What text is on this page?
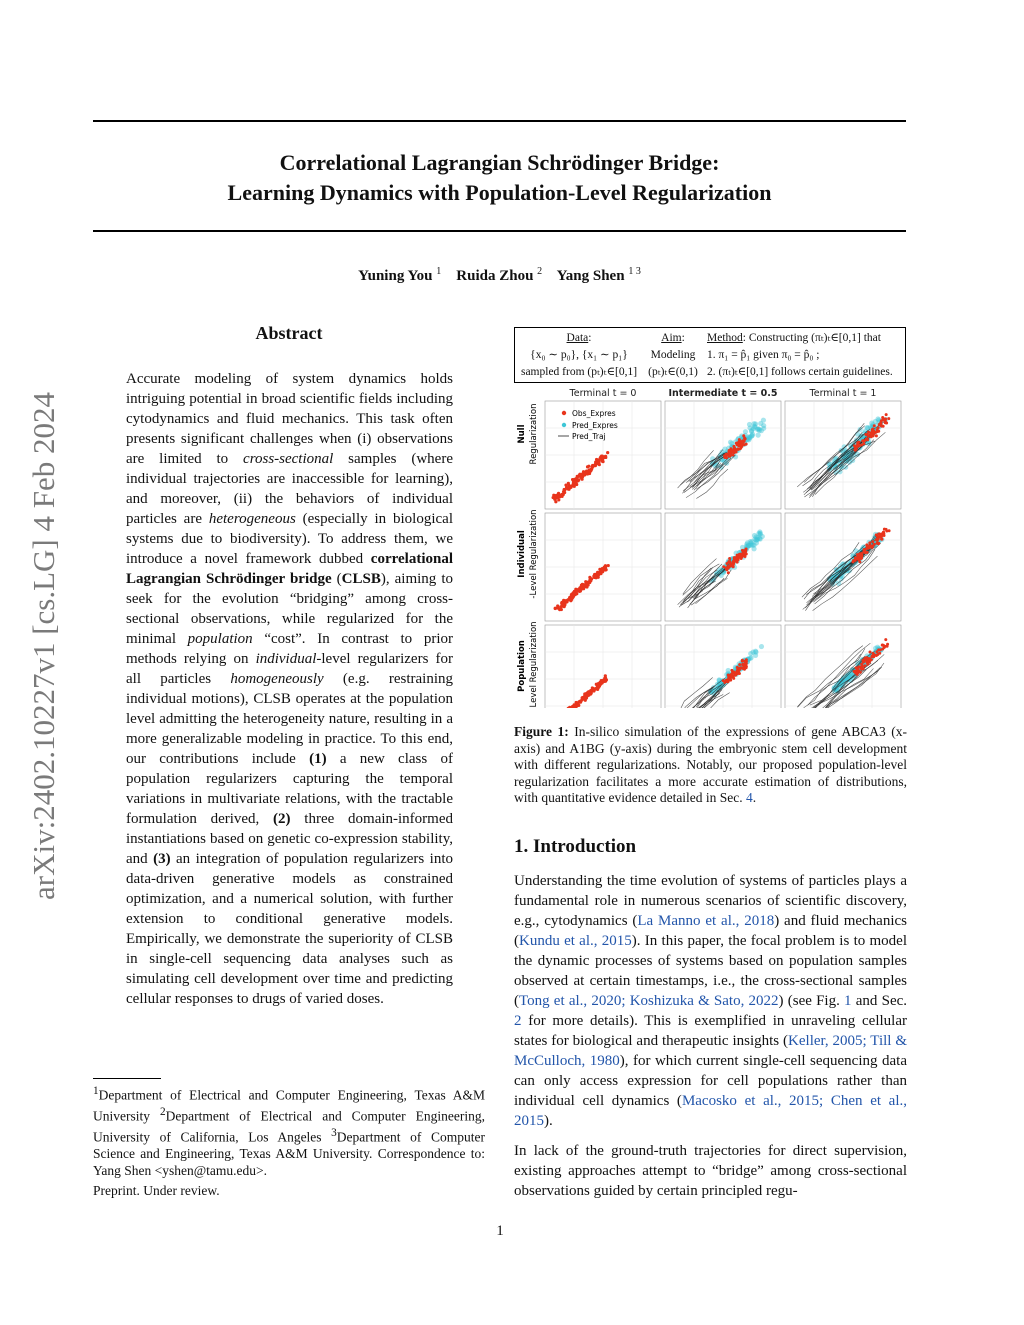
arXiv:2402.10227v1 [cs.LG] 4 Feb 2024
Correlational Lagrangian Schrödinger Bridge:
Learning Dynamics with Population-Level Regularization
Yuning You $^1$ Ruida Zhou $^2$ Yang Shen $^{1 3}$
Abstract
Accurate modeling of system dynamics holds intriguing potential in broad scientific fields including cytodynamics and fluid mechanics. This task often presents significant challenges when (i) observations are limited to cross-sectional samples (where individual trajectories are inaccessible for learning), and moreover, (ii) the behaviors of individual particles are heterogeneous (especially in biological systems due to biodiversity). To address them, we introduce a novel framework dubbed correlational Lagrangian Schrödinger bridge (CLSB), aiming to seek for the evolution “bridging” among cross-sectional observations, while regularized for the minimal population “cost”. In contrast to prior methods relying on individual-level regularizers for all particles homogeneously (e.g. restraining individual motions), CLSB operates at the population level admitting the heterogeneity nature, resulting in a more generalizable modeling in practice. To this end, our contributions include (1) a new class of population regularizers capturing the temporal variations in multivariate relations, with the tractable formulation derived, (2) three domain-informed instantiations based on genetic co-expression stability, and (3) an integration of population regularizers into data-driven generative models as constrained optimization, and a numerical solution, with further extension to conditional generative models. Empirically, we demonstrate the superiority of CLSB in single-cell sequencing data analyses such as simulating cell development over time and predicting cellular responses to drugs of varied doses.
$^1$Department of Electrical and Computer Engineering, Texas A&M University $^2$Department of Electrical and Computer Engineering, University of California, Los Angeles $^3$Department of Computer Science and Engineering, Texas A&M University. Correspondence to: Yang Shen <yshen@tamu.edu>.
Preprint. Under review.
Data:
{x₀ ∼ p₀}, {x₁ ∼ p₁}
sampled from (pₜ)ₜ∈[0,1]
Aim:
Modeling
(pₜ)ₜ∈(0,1)
Method: Constructing (πₜ)ₜ∈[0,1] that
1. π₁ = p̂₁ given π₀ = p̂₀ ;
2. (πₜ)ₜ∈[0,1] follows certain guidelines.
Terminal t = 0	Intermediate t = 0.5	Terminal t = 1
Null Regularization
Individual -Level Regularization
Population -Level Regularization
Obs_Expres
Pred_Expres
Pred_Traj
Figure 1: In-silico simulation of the expressions of gene ABCA3 (x-axis) and A1BG (y-axis) during the embryonic stem cell development with different regularizations. Notably, our proposed population-level regularization facilitates a more accurate estimation of distributions, with quantitative evidence detailed in Sec. 4.
1. Introduction

Understanding the time evolution of systems of particles plays a fundamental role in numerous scenarios of scientific discovery, e.g., cytodynamics (La Manno et al., 2018) and fluid mechanics (Kundu et al., 2015). In this paper, the focal problem is to model the dynamic processes of systems based on population samples observed at certain timestamps, i.e., the cross-sectional samples (Tong et al., 2020; Koshizuka & Sato, 2022) (see Fig. 1 and Sec. 2 for more details). This is exemplified in unraveling cellular states for biological and therapeutic insights (Keller, 2005; Till & McCulloch, 1980), for which current single-cell sequencing data can only access expression for cell populations rather than individual cell dynamics (Macosko et al., 2015; Chen et al., 2015).

In lack of the ground-truth trajectories for direct supervision, existing approaches attempt to “bridge” among cross-sectional observations guided by certain principled regu-

1
